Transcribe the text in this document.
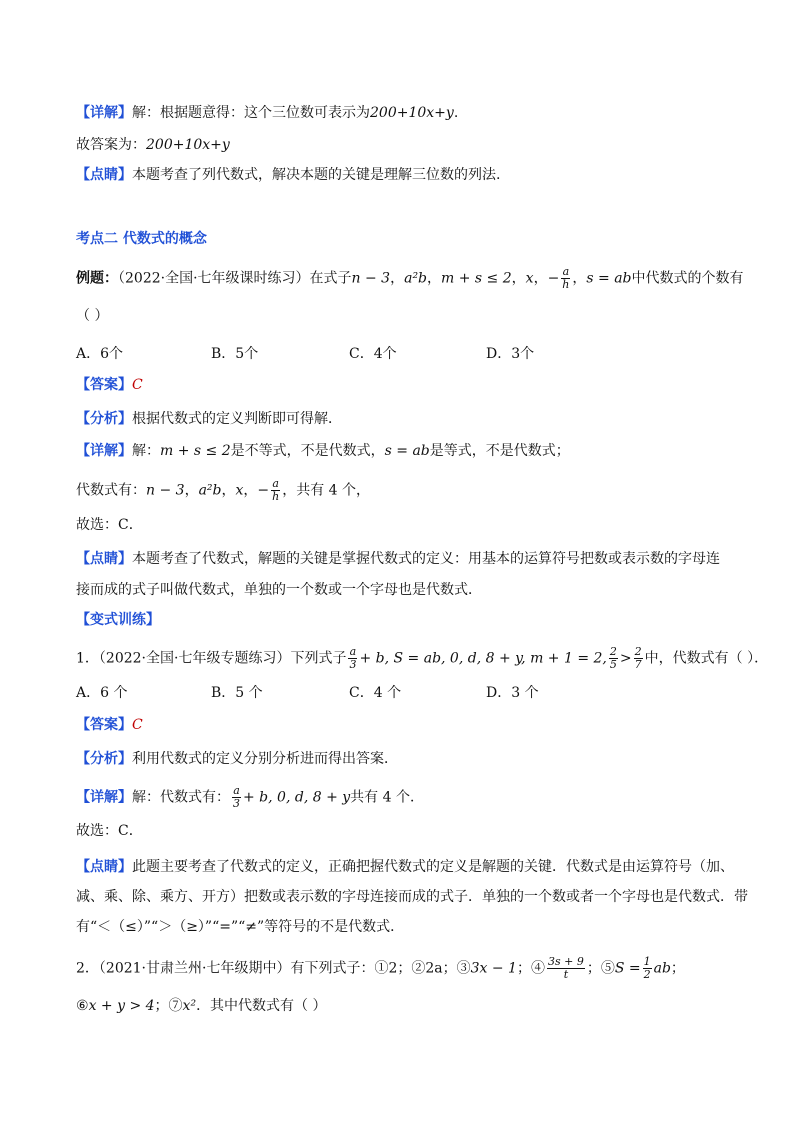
【详解】解：根据题意得：这个三位数可表示为200+10x+y.
故答案为：200+10x+y
【点睛】本题考查了列代数式，解决本题的关键是理解三位数的列法.
考点二 代数式的概念
例题：（2022·全国·七年级课时练习）在式子n − 3，a²b，m + s ≤ 2，x，− $\frac{a}{h}$ ，s = ab中代数式的个数有
（ ）
A．6个	B．5个	C．4个	D．3个
【答案】C
【分析】根据代数式的定义判断即可得解．
【详解】解：m + s ≤ 2是不等式，不是代数式，s = ab是等式，不是代数式；
代数式有：n − 3，a²b，x，− $\frac{a}{h}$ ，共有 4 个，
故选：C．
【点睛】本题考查了代数式，解题的关键是掌握代数式的定义：用基本的运算符号把数或表示数的字母连
接而成的式子叫做代数式，单独的一个数或一个字母也是代数式．
【变式训练】
1．（2022·全国·七年级专题练习）下列式子 $\frac{a}{3} + b$, S = ab, 0, d, 8 + y, m + 1 = 2, $\frac{2}{5} > \frac{2}{7}$ 中，代数式有（ ）．
A．6 个	B．5 个	C．4 个	D．3 个
【答案】C
【分析】利用代数式的定义分别分析进而得出答案．
【详解】解：代数式有： $\frac{a}{3} + b$, 0, d, 8 + y共有 4 个．
故选：C．
【点睛】此题主要考查了代数式的定义，正确把握代数式的定义是解题的关键．代数式是由运算符号（加、
减、乘、除、乘方、开方）把数或表示数的字母连接而成的式子．单独的一个数或者一个字母也是代数式．带
有“＜（≤）”“＞（≥）”“=”“≠”等符号的不是代数式．
2．（2021·甘肃兰州·七年级期中）有下列式子：①2；②2a；③3x − 1；④ $\frac{3s + 9}{t}$ ；⑤S = $\frac{1}{2}$ ab；
⑥x + y > 4；⑦x²．其中代数式有（ ）
